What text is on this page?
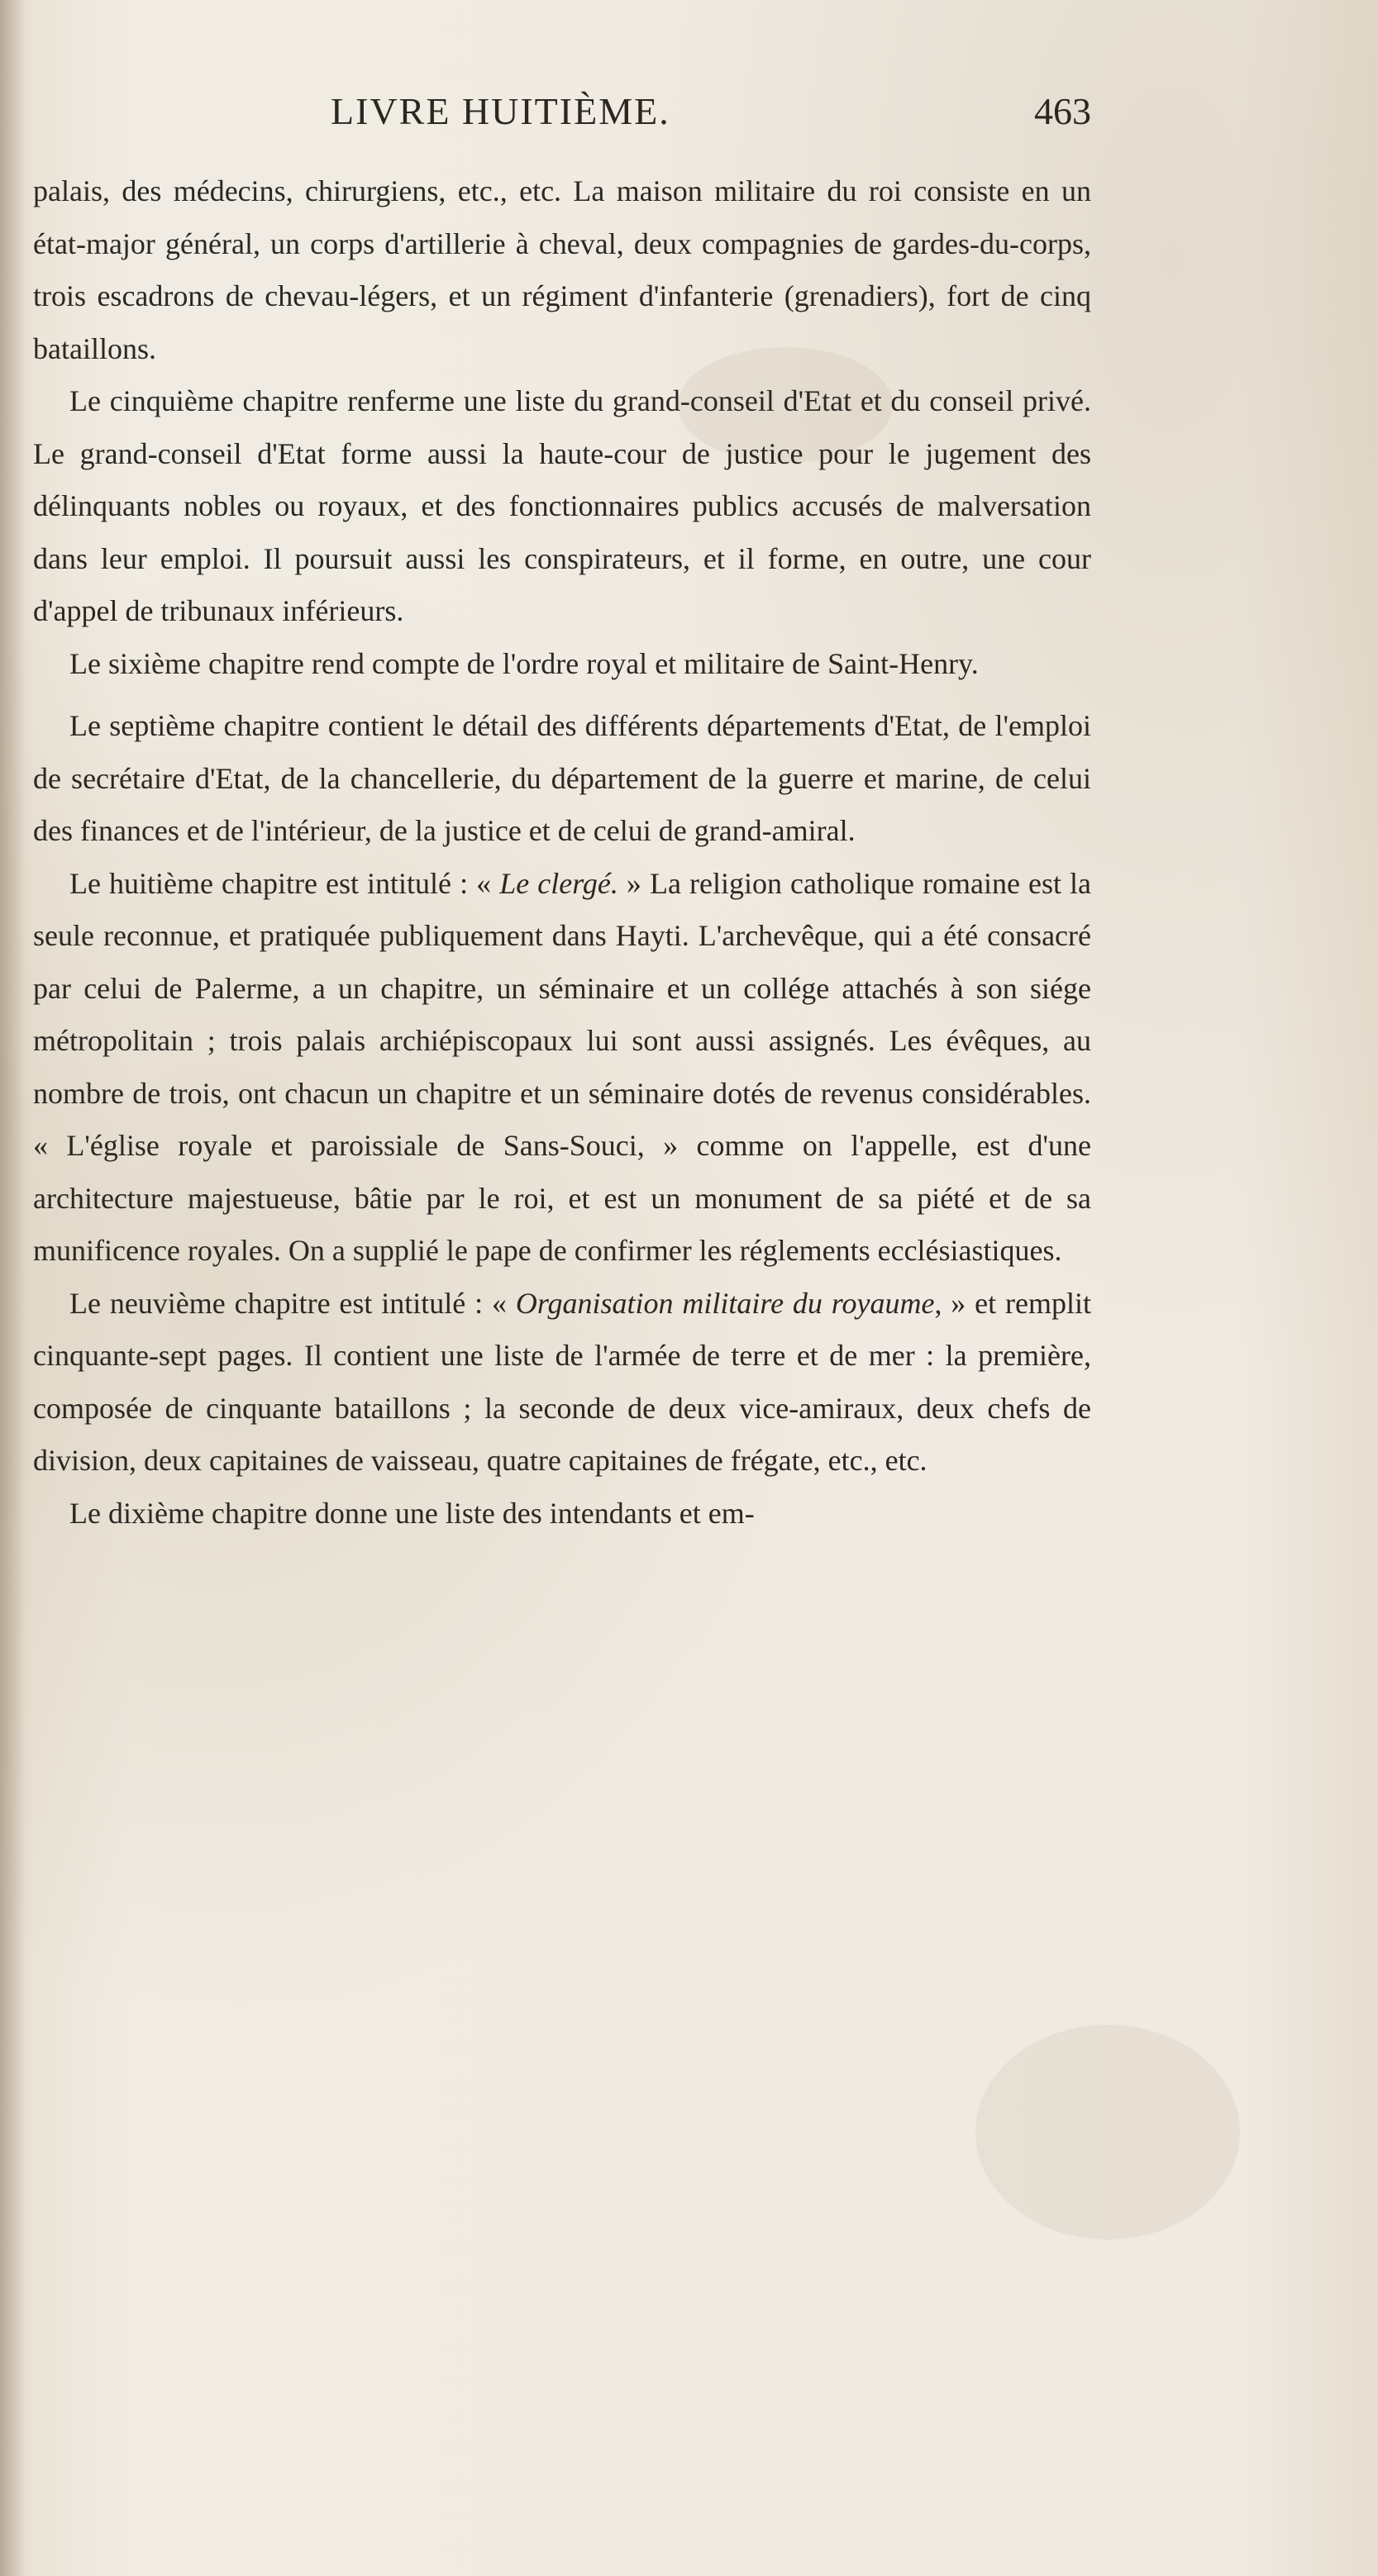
LIVRE HUITIÈME.	463

palais, des médecins, chirurgiens, etc., etc. La maison militaire du roi consiste en un état-major général, un corps d'artillerie à cheval, deux compagnies de gardes-du-corps, trois escadrons de chevau-légers, et un régiment d'infanterie (grenadiers), fort de cinq bataillons.

Le cinquième chapitre renferme une liste du grand-conseil d'Etat et du conseil privé. Le grand-conseil d'Etat forme aussi la haute-cour de justice pour le jugement des délinquants nobles ou royaux, et des fonctionnaires publics accusés de malversation dans leur emploi. Il poursuit aussi les conspirateurs, et il forme, en outre, une cour d'appel de tribunaux inférieurs.

Le sixième chapitre rend compte de l'ordre royal et militaire de Saint-Henry.

Le septième chapitre contient le détail des différents départements d'Etat, de l'emploi de secrétaire d'Etat, de la chancellerie, du département de la guerre et marine, de celui des finances et de l'intérieur, de la justice et de celui de grand-amiral.

Le huitième chapitre est intitulé : « Le clergé. » La religion catholique romaine est la seule reconnue, et pratiquée publiquement dans Hayti. L'archevêque, qui a été consacré par celui de Palerme, a un chapitre, un séminaire et un collége attachés à son siége métropolitain ; trois palais archiépiscopaux lui sont aussi assignés. Les évêques, au nombre de trois, ont chacun un chapitre et un séminaire dotés de revenus considérables. « L'église royale et paroissiale de Sans-Souci, » comme on l'appelle, est d'une architecture majestueuse, bâtie par le roi, et est un monument de sa piété et de sa munificence royales. On a supplié le pape de confirmer les réglements ecclésiastiques.

Le neuvième chapitre est intitulé : « Organisation militaire du royaume, » et remplit cinquante-sept pages. Il contient une liste de l'armée de terre et de mer : la première, composée de cinquante bataillons ; la seconde de deux vice-amiraux, deux chefs de division, deux capitaines de vaisseau, quatre capitaines de frégate, etc., etc.

Le dixième chapitre donne une liste des intendants et em-
